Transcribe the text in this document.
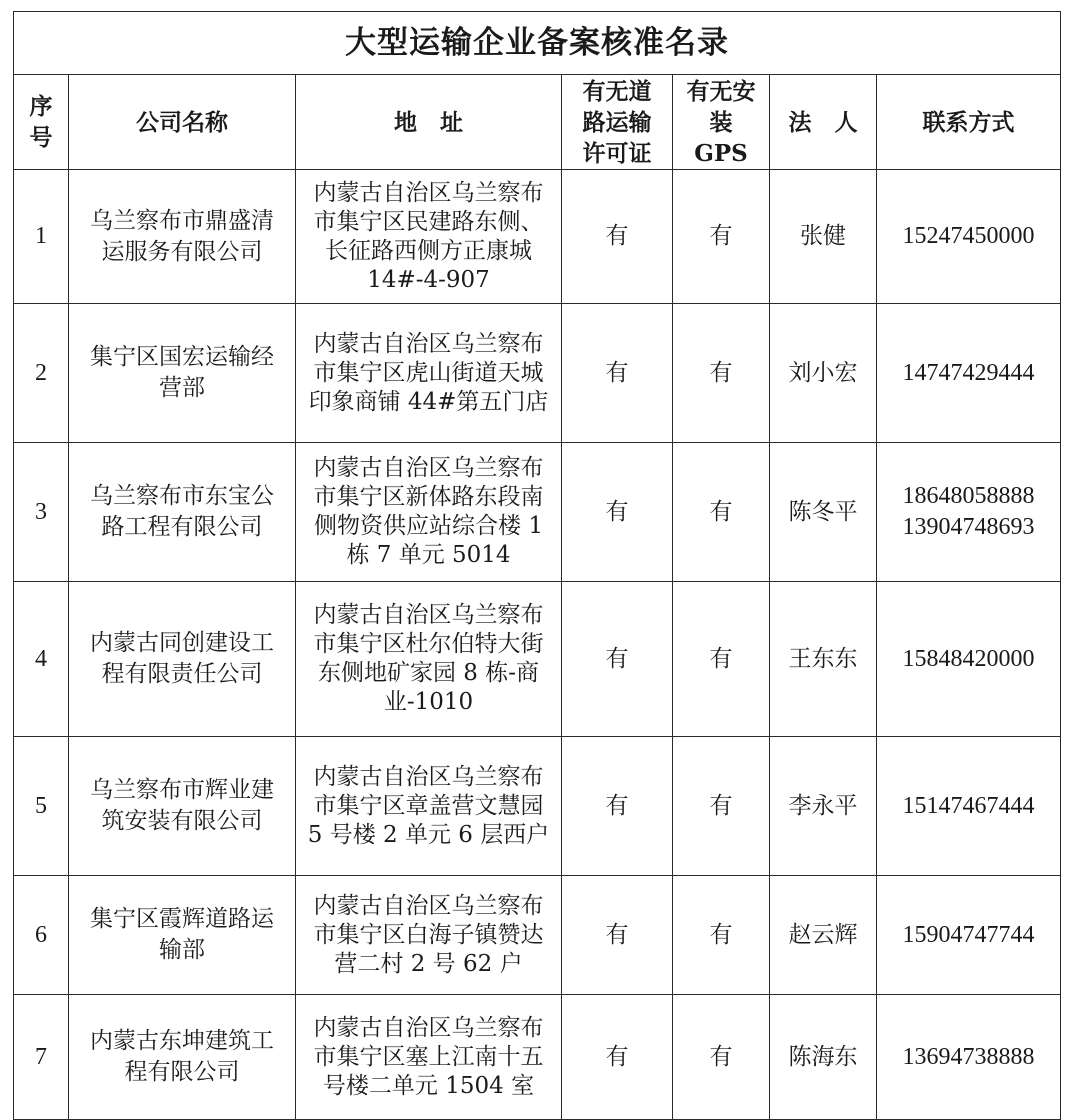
大型运输企业备案核准名录						
序号	公司名称	地　址	有无道路运输许可证	有无安装 GPS	法　人	联系方式
1	乌兰察布市鼎盛清运服务有限公司	内蒙古自治区乌兰察布市集宁区民建路东侧、长征路西侧方正康城 14#-4-907	有	有	张健	15247450000

2	集宁区国宏运输经营部	内蒙古自治区乌兰察布市集宁区虎山街道天城印象商铺 44#第五门店	有	有	刘小宏	14747429444

3	乌兰察布市东宝公路工程有限公司	内蒙古自治区乌兰察布市集宁区新体路东段南侧物资供应站综合楼 1 栋 7 单元 5014	有	有	陈冬平	18648058888
13904748693

4	内蒙古同创建设工程有限责任公司	内蒙古自治区乌兰察布市集宁区杜尔伯特大街东侧地矿家园 8 栋-商业-1010	有	有	王东东	15848420000

5	乌兰察布市辉业建筑安装有限公司	内蒙古自治区乌兰察布市集宁区章盖营文慧园 5 号楼 2 单元 6 层西户	有	有	李永平	15147467444

6	集宁区霞辉道路运输部	内蒙古自治区乌兰察布市集宁区白海子镇赞达营二村 2 号 62 户	有	有	赵云辉	15904747744

7	内蒙古东坤建筑工程有限公司	内蒙古自治区乌兰察布市集宁区塞上江南十五号楼二单元 1504 室	有	有	陈海东	13694738888
